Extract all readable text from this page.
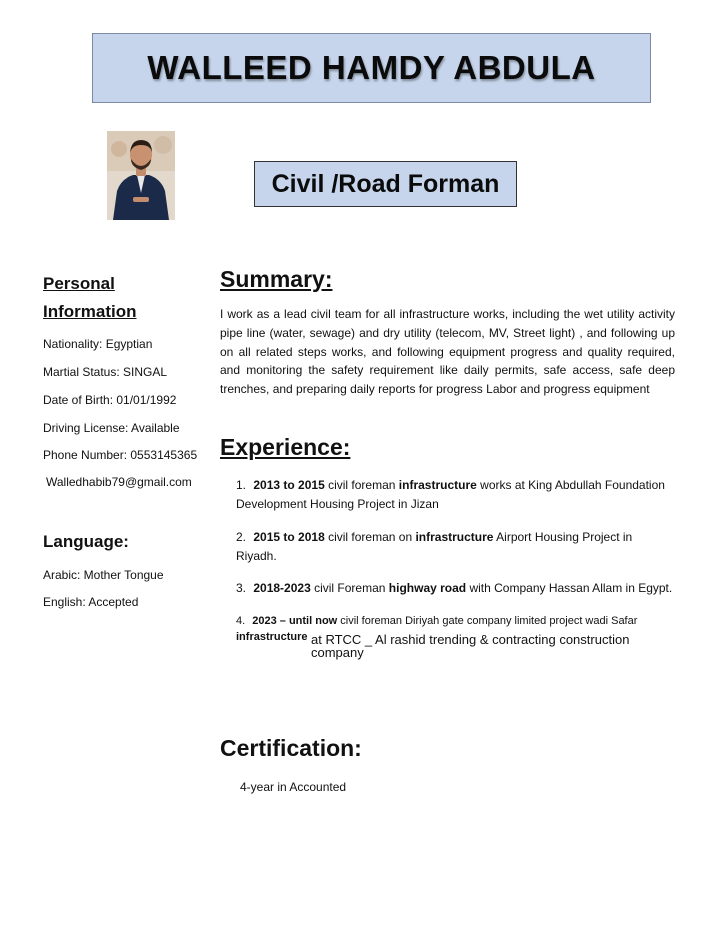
WALLEED HAMDY ABDULA
Civil /Road Forman
Personal
Information
Nationality: Egyptian
Martial Status: SINGAL
Date of Birth: 01/01/1992
Driving License: Available
Phone Number: 0553145365
Walledhabib79@gmail.com
Language:
Arabic: Mother Tongue
English: Accepted
Summary:

I work as a lead civil team for all infrastructure works, including the wet utility activity pipe line (water, sewage) and dry utility (telecom, MV, Street light) , and following up on all related steps works, and following equipment progress and quality required, and monitoring the safety requirement like daily permits, safe access, safe deep trenches, and preparing daily reports for progress Labor and progress equipment

Experience:
1. 2013 to 2015 civil foreman infrastructure works at King Abdullah Foundation Development Housing Project in Jizan
2. 2015 to 2018 civil foreman on infrastructure Airport Housing Project in Riyadh.
3. 2018-2023 civil Foreman highway road with Company Hassan Allam in Egypt.
4. 2023 – until now civil foreman Diriyah gate company limited project wadi Safar
infrastructure at RTCC _ Al rashid trending & contracting construction company
Certification:
4-year in Accounted
